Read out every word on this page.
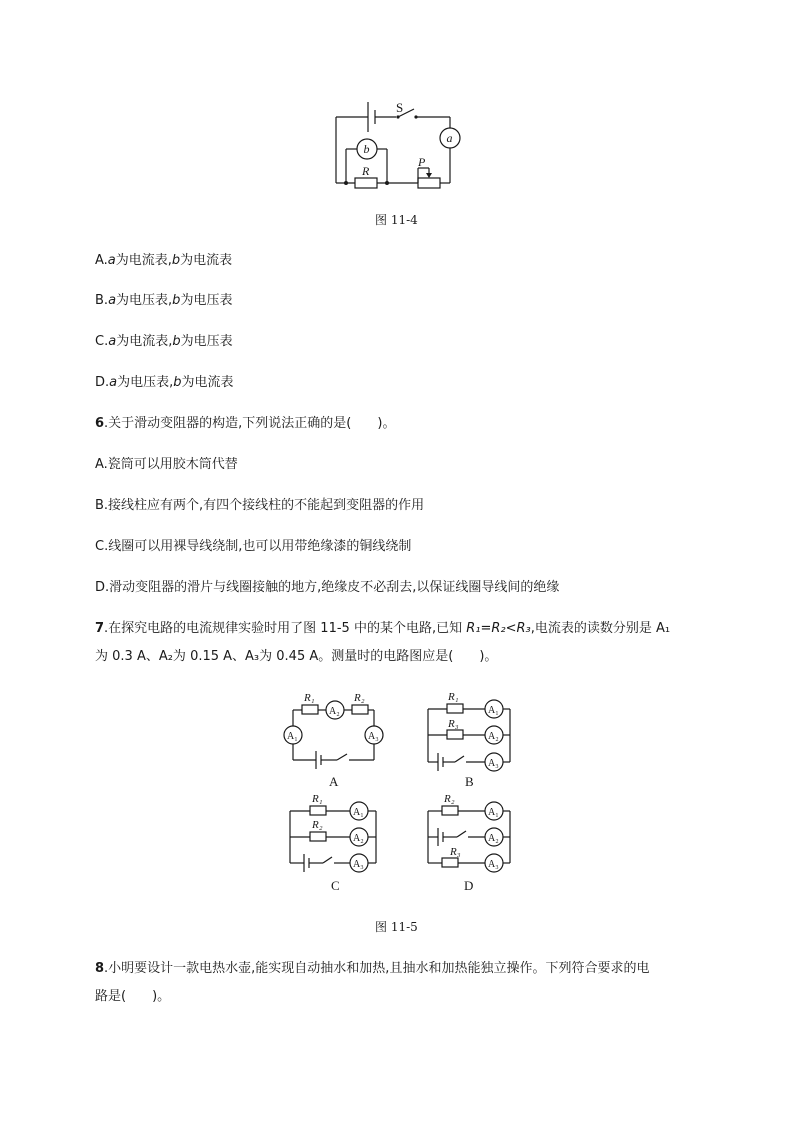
S
a
R
P
b
图 11-4
A.a为电流表,b为电流表
B.a为电压表,b为电压表
C.a为电流表,b为电压表
D.a为电压表,b为电流表
6.关于滑动变阻器的构造,下列说法正确的是(　　)。
A.瓷筒可以用胶木筒代替
B.接线柱应有两个,有四个接线柱的不能起到变阻器的作用
C.线圈可以用裸导线绕制,也可以用带绝缘漆的铜线绕制
D.滑动变阻器的滑片与线圈接触的地方,绝缘皮不必刮去,以保证线圈导线间的绝缘
7.在探究电路的电流规律实验时用了图 11-5 中的某个电路,已知 R₁=R₂<R₃,电流表的读数分别是 A₁
为 0.3 A、A₂为 0.15 A、A₃为 0.45 A。测量时的电路图应是(　　)。
R₁	R₂
A₁
A₂
A₃
A
R₁
R₃
A₁
A₂
A₃
B
R₁
R₂
A₁
A₂
A₃
C
R₂
R₃
A₁
A₂
A₃
D
图 11-5
8.小明要设计一款电热水壶,能实现自动抽水和加热,且抽水和加热能独立操作。下列符合要求的电
路是(　　)。
